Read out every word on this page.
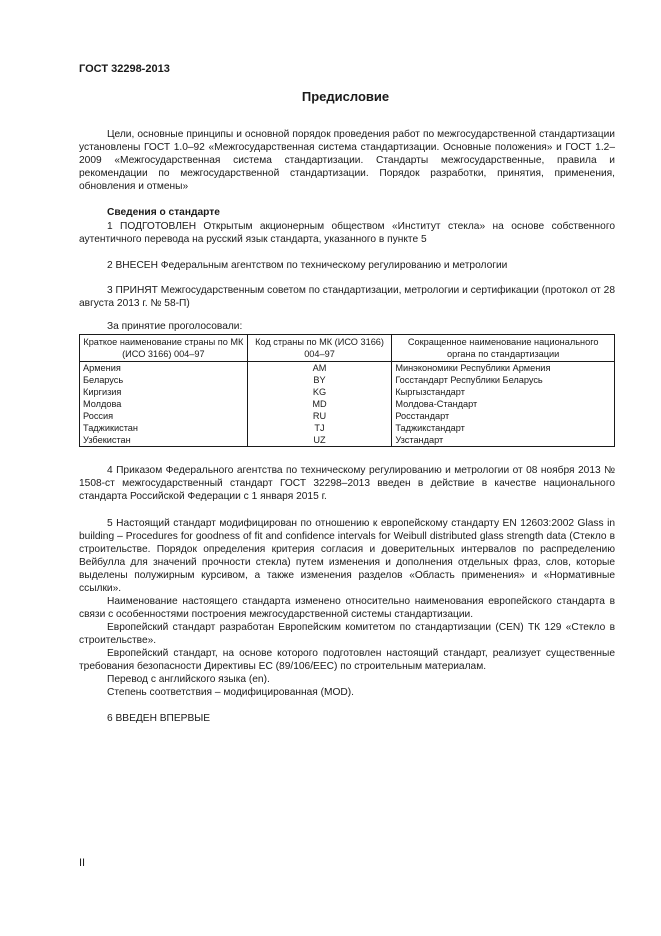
ГОСТ 32298-2013
Предисловие

Цели, основные принципы и основной порядок проведения работ по межгосударственной стандартизации установлены ГОСТ 1.0–92 «Межгосударственная система стандартизации. Основные положения» и ГОСТ 1.2–2009 «Межгосударственная система стандартизации. Стандарты межгосударственные, правила и рекомендации по межгосударственной стандартизации. Порядок разработки, принятия, применения, обновления и отмены»

Сведения о стандарте

1 ПОДГОТОВЛЕН Открытым акционерным обществом «Институт стекла» на основе собственного аутентичного перевода на русский язык стандарта, указанного в пункте 5

2 ВНЕСЕН Федеральным агентством по техническому регулированию и метрологии

3 ПРИНЯТ Межгосударственным советом по стандартизации, метрологии и сертификации (протокол от 28 августа 2013 г. № 58-П)

За принятие проголосовали:
Краткое наименование страны по МК (ИСО 3166) 004–97	Код страны по МК (ИСО 3166) 004–97	Сокращенное наименование национального органа по стандартизации
Армения	AM	Минэкономики Республики Армения
Беларусь	BY	Госстандарт Республики Беларусь
Киргизия	KG	Кыргызстандарт
Молдова	MD	Молдова-Стандарт
Россия	RU	Росстандарт
Таджикистан	TJ	Таджикстандарт
Узбекистан	UZ	Узстандарт

4 Приказом Федерального агентства по техническому регулированию и метрологии от 08 ноября 2013 № 1508-ст межгосударственный стандарт ГОСТ 32298–2013 введен в действие в качестве национального стандарта Российской Федерации с 1 января 2015 г.

5 Настоящий стандарт модифицирован по отношению к европейскому стандарту EN 12603:2002 Glass in building – Procedures for goodness of fit and confidence intervals for Weibull distributed glass strength data (Стекло в строительстве. Порядок определения критерия согласия и доверительных интервалов по распределению Вейбулла для значений прочности стекла) путем изменения и дополнения отдельных фраз, слов, которые выделены полужирным курсивом, а также изменения разделов «Область применения» и «Нормативные ссылки».

Наименование настоящего стандарта изменено относительно наименования европейского стандарта в связи с особенностями построения межгосударственной системы стандартизации.

Европейский стандарт разработан Европейским комитетом по стандартизации (CEN) ТК 129 «Стекло в строительстве».

Европейский стандарт, на основе которого подготовлен настоящий стандарт, реализует существенные требования безопасности Директивы ЕС (89/106/EEC) по строительным материалам.

Перевод с английского языка (en).

Степень соответствия – модифицированная (MOD).

6 ВВЕДЕН ВПЕРВЫЕ

II
